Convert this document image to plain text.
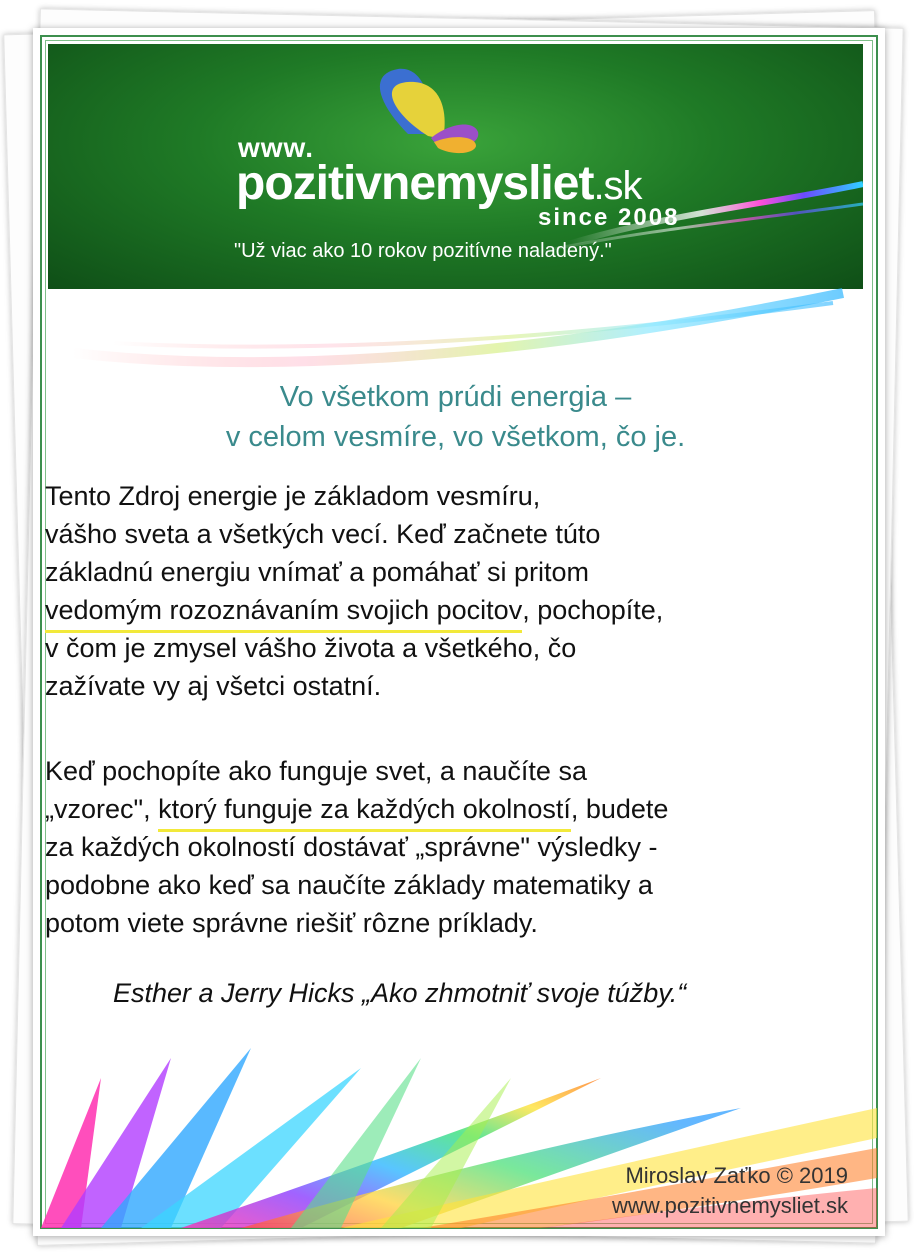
www.
pozitivnemysliet.sk
since 2008
"Už viac ako 10 rokov pozitívne naladený."
Vo všetkom prúdi energia –
v celom vesmíre, vo všetkom, čo je.
Tento Zdroj energie je základom vesmíru,
vášho sveta a všetkých vecí. Keď začnete túto
základnú energiu vnímať a pomáhať si pritom
vedomým rozoznávaním svojich pocitov, pochopíte,
v čom je zmysel vášho života a všetkého, čo
zažívate vy aj všetci ostatní.
Keď pochopíte ako funguje svet, a naučíte sa
„vzorec", ktorý funguje za každých okolností, budete
za každých okolností dostávať „správne" výsledky -
podobne ako keď sa naučíte základy matematiky a
potom viete správne riešiť rôzne príklady.
Esther a Jerry Hicks „Ako zhmotniť svoje túžby.“
Miroslav Zaťko © 2019
www.pozitivnemysliet.sk
